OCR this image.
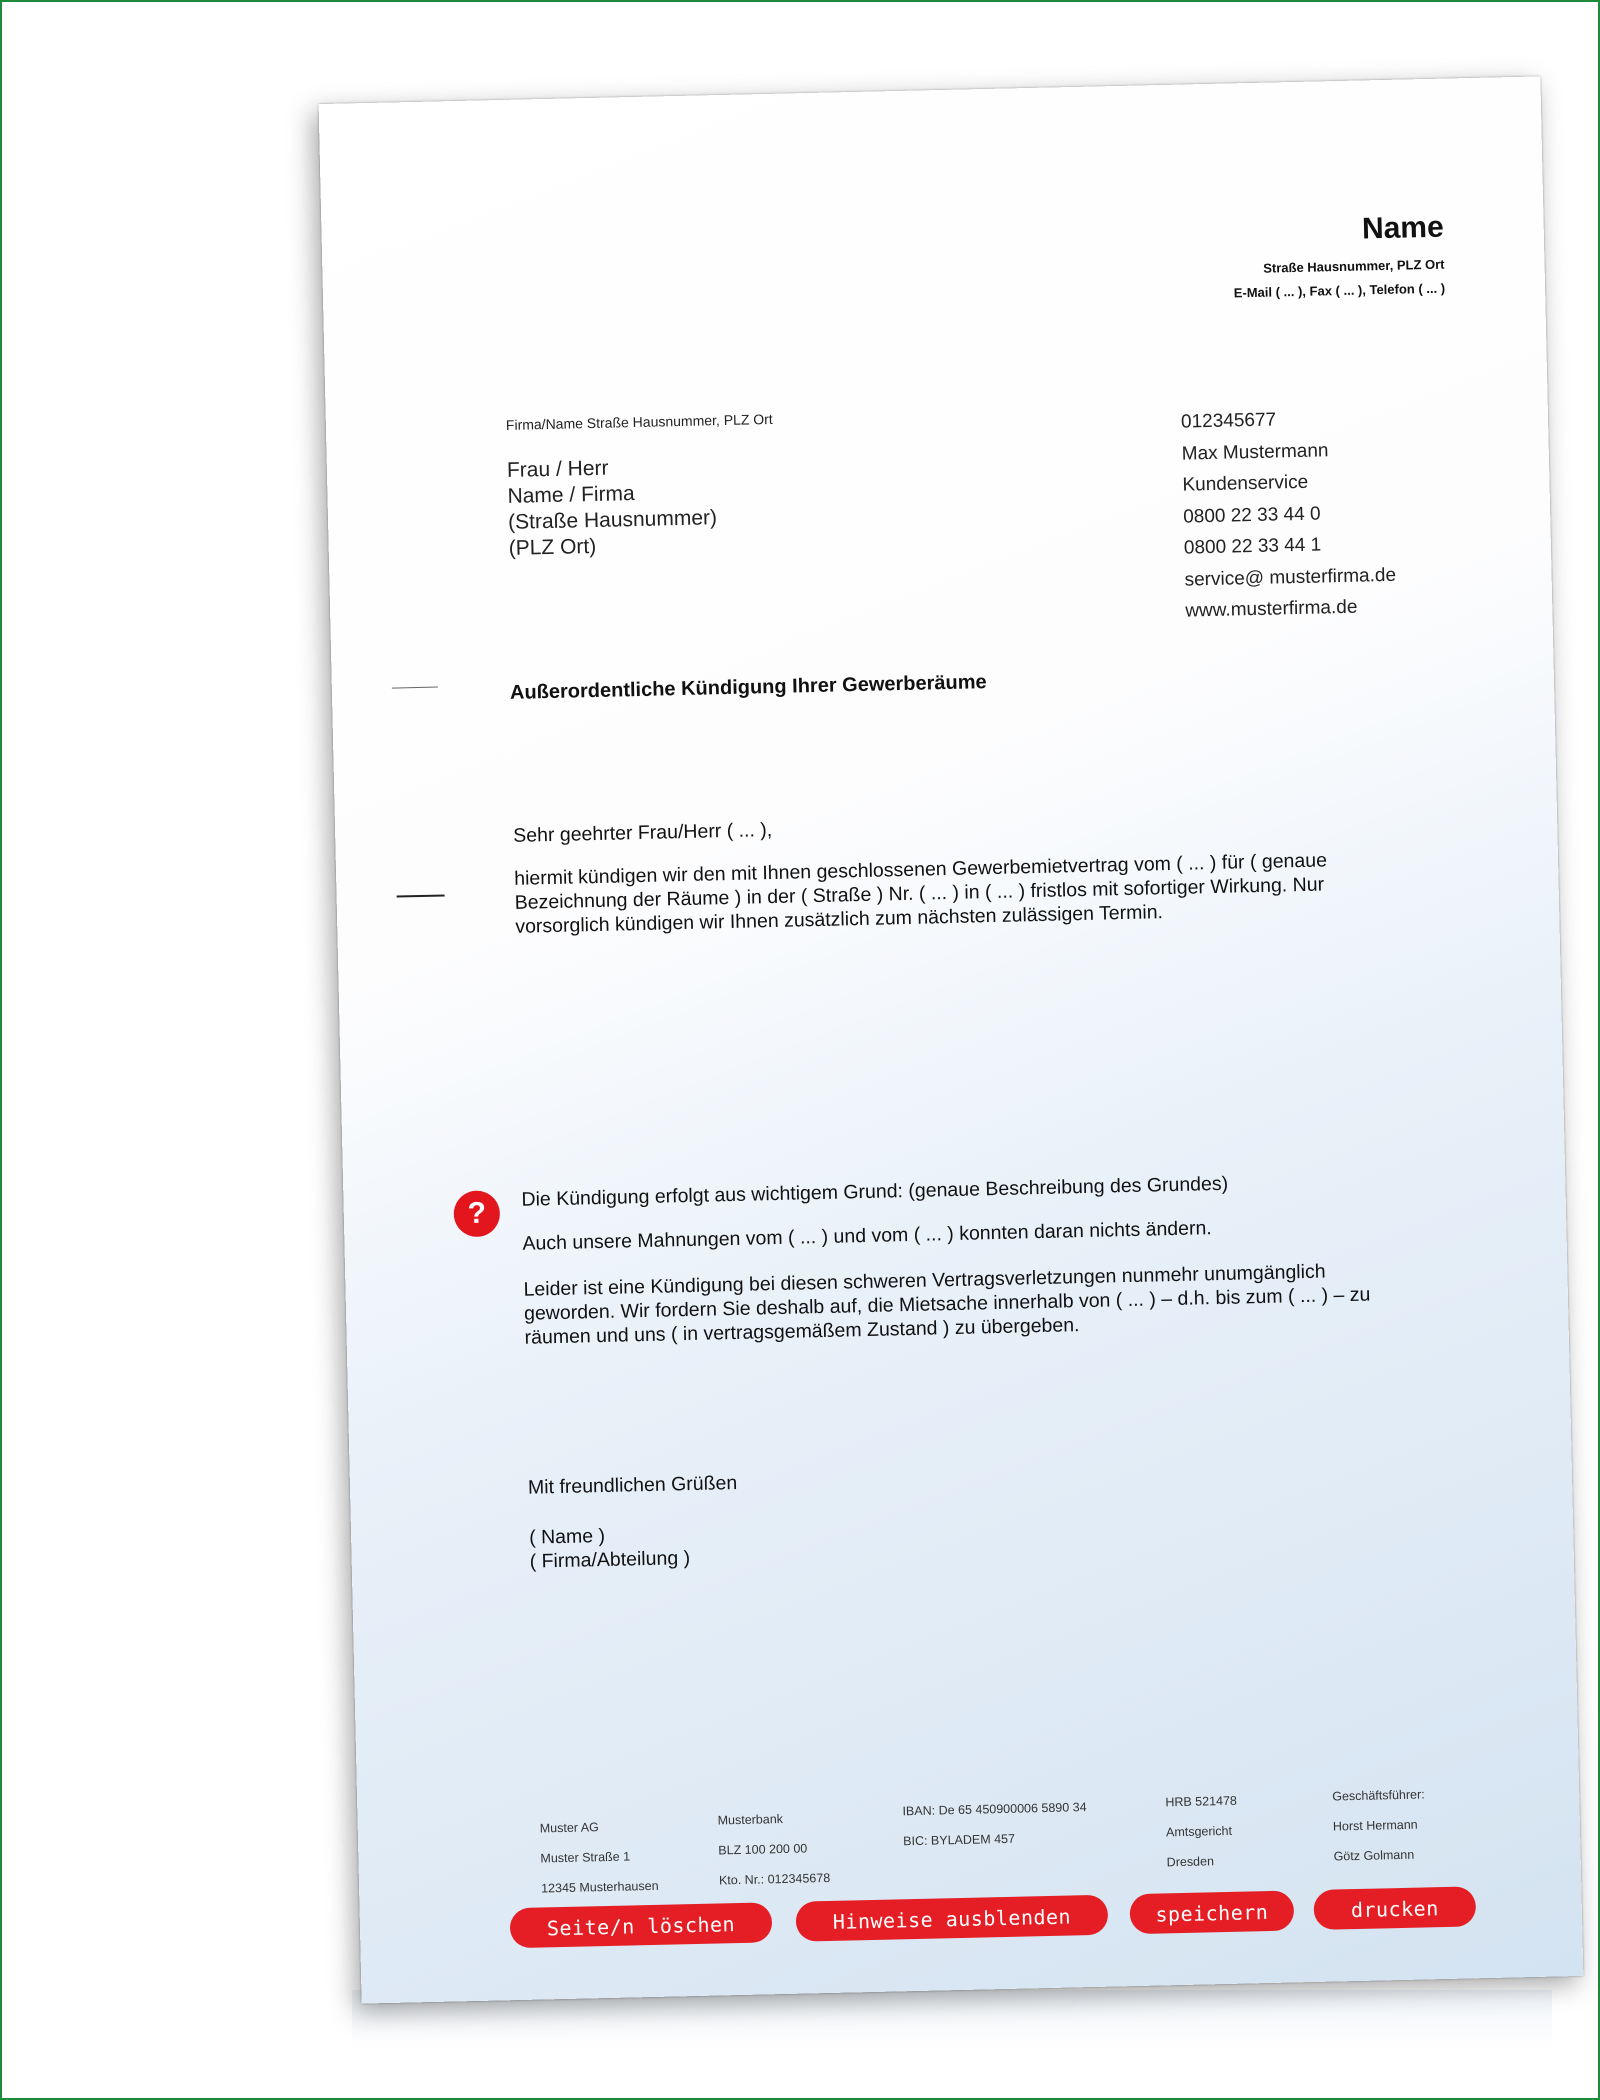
Name
Straße Hausnummer, PLZ Ort
E-Mail ( ... ), Fax ( ... ), Telefon ( ... )
Firma/Name Straße Hausnummer, PLZ Ort
Frau / Herr
Name / Firma
(Straße Hausnummer)
(PLZ Ort)
012345677
Max Mustermann
Kundenservice
0800 22 33 44 0
0800 22 33 44 1
service@ musterfirma.de
www.musterfirma.de
Außerordentliche Kündigung Ihrer Gewerberäume
Sehr geehrter Frau/Herr ( ... ),
hiermit kündigen wir den mit Ihnen geschlossenen Gewerbemietvertrag vom ( ... ) für ( genaue Bezeichnung der Räume ) in der ( Straße ) Nr. ( ... ) in ( ... ) fristlos mit sofortiger Wirkung. Nur vorsorglich kündigen wir Ihnen zusätzlich zum nächsten zulässigen Termin.
?
Die Kündigung erfolgt aus wichtigem Grund: (genaue Beschreibung des Grundes)
Auch unsere Mahnungen vom ( ... ) und vom ( ... ) konnten daran nichts ändern.
Leider ist eine Kündigung bei diesen schweren Vertragsverletzungen nunmehr unumgänglich geworden. Wir fordern Sie deshalb auf, die Mietsache innerhalb von ( ... ) – d.h. bis zum ( ... ) – zu räumen und uns ( in vertragsgemäßem Zustand ) zu übergeben.
Mit freundlichen Grüßen
( Name )
( Firma/Abteilung )
Muster AG
Muster Straße 1
12345 Musterhausen
Musterbank
BLZ 100 200 00
Kto. Nr.: 012345678
IBAN: De 65 450900006 5890 34
BIC: BYLADEM 457
HRB 521478
Amtsgericht
Dresden
Geschäftsführer:
Horst Hermann
Götz Golmann
Seite/n löschen	Hinweise ausblenden	speichern	drucken
